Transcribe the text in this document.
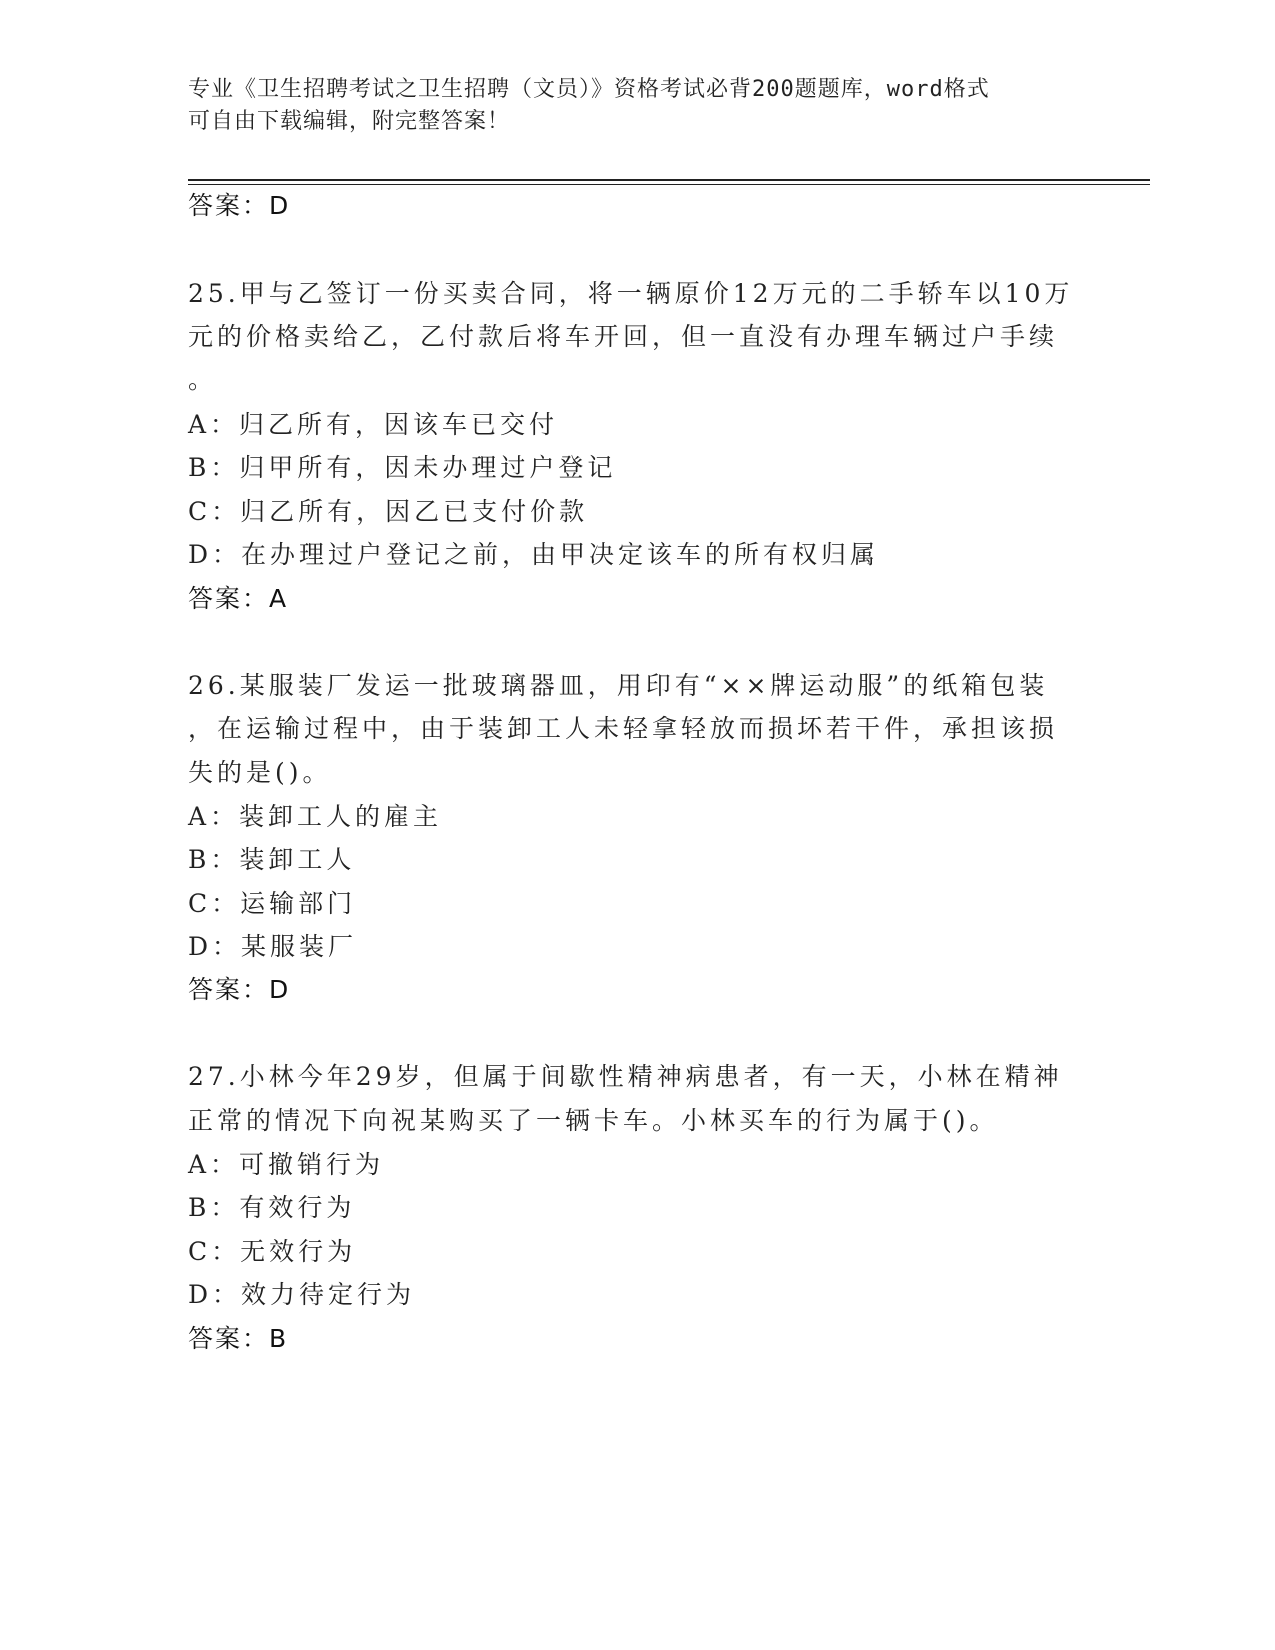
专业《卫生招聘考试之卫生招聘（文员）》资格考试必背200题题库，word格式
可自由下载编辑，附完整答案！
答案：D
25.甲与乙签订一份买卖合同，将一辆原价12万元的二手轿车以10万
元的价格卖给乙，乙付款后将车开回，但一直没有办理车辆过户手续
。
A：归乙所有，因该车已交付
B：归甲所有，因未办理过户登记
C：归乙所有，因乙已支付价款
D：在办理过户登记之前，由甲决定该车的所有权归属
答案：A
26.某服装厂发运一批玻璃器皿，用印有“××牌运动服”的纸箱包装
，在运输过程中，由于装卸工人未轻拿轻放而损坏若干件，承担该损
失的是()。
A：装卸工人的雇主
B：装卸工人
C：运输部门
D：某服装厂
答案：D
27.小林今年29岁，但属于间歇性精神病患者，有一天，小林在精神
正常的情况下向祝某购买了一辆卡车。小林买车的行为属于()。
A：可撤销行为
B：有效行为
C：无效行为
D：效力待定行为
答案：B
